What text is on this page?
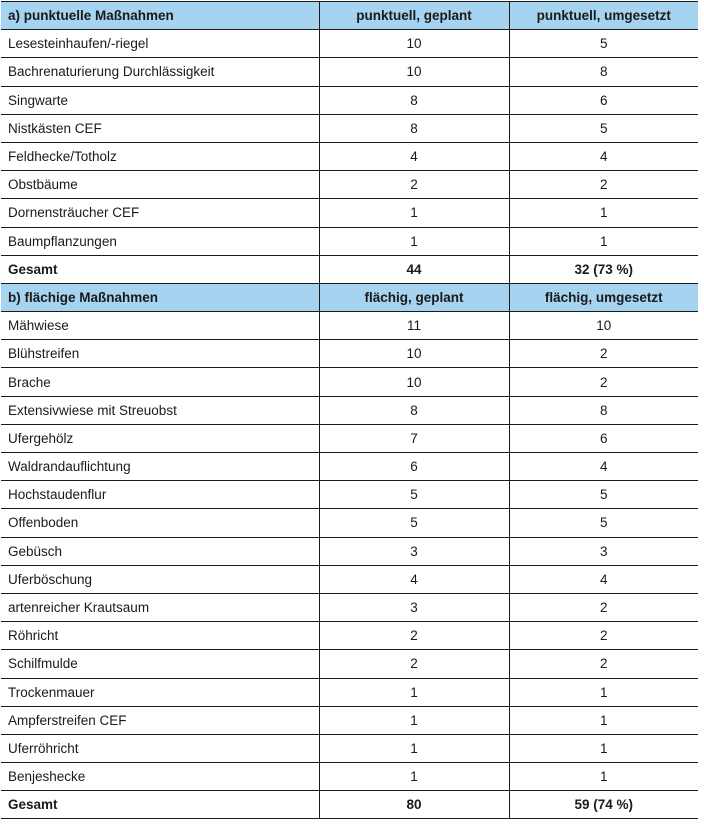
a) punktuelle Maßnahmen	punktuell, geplant	punktuell, umgesetzt
Lesesteinhaufen/-riegel	10	5
Bachrenaturierung Durchlässigkeit	10	8
Singwarte	8	6
Nistkästen CEF	8	5
Feldhecke/Totholz	4	4
Obstbäume	2	2
Dornensträucher CEF	1	1
Baumpflanzungen	1	1
Gesamt	44	32 (73 %)
b) flächige Maßnahmen	flächig, geplant	flächig, umgesetzt
Mähwiese	11	10
Blühstreifen	10	2
Brache	10	2
Extensivwiese mit Streuobst	8	8
Ufergehölz	7	6
Waldrandauflichtung	6	4
Hochstaudenflur	5	5
Offenboden	5	5
Gebüsch	3	3
Uferböschung	4	4
artenreicher Krautsaum	3	2
Röhricht	2	2
Schilfmulde	2	2
Trockenmauer	1	1
Ampferstreifen CEF	1	1
Uferröhricht	1	1
Benjeshecke	1	1
Gesamt	80	59 (74 %)
